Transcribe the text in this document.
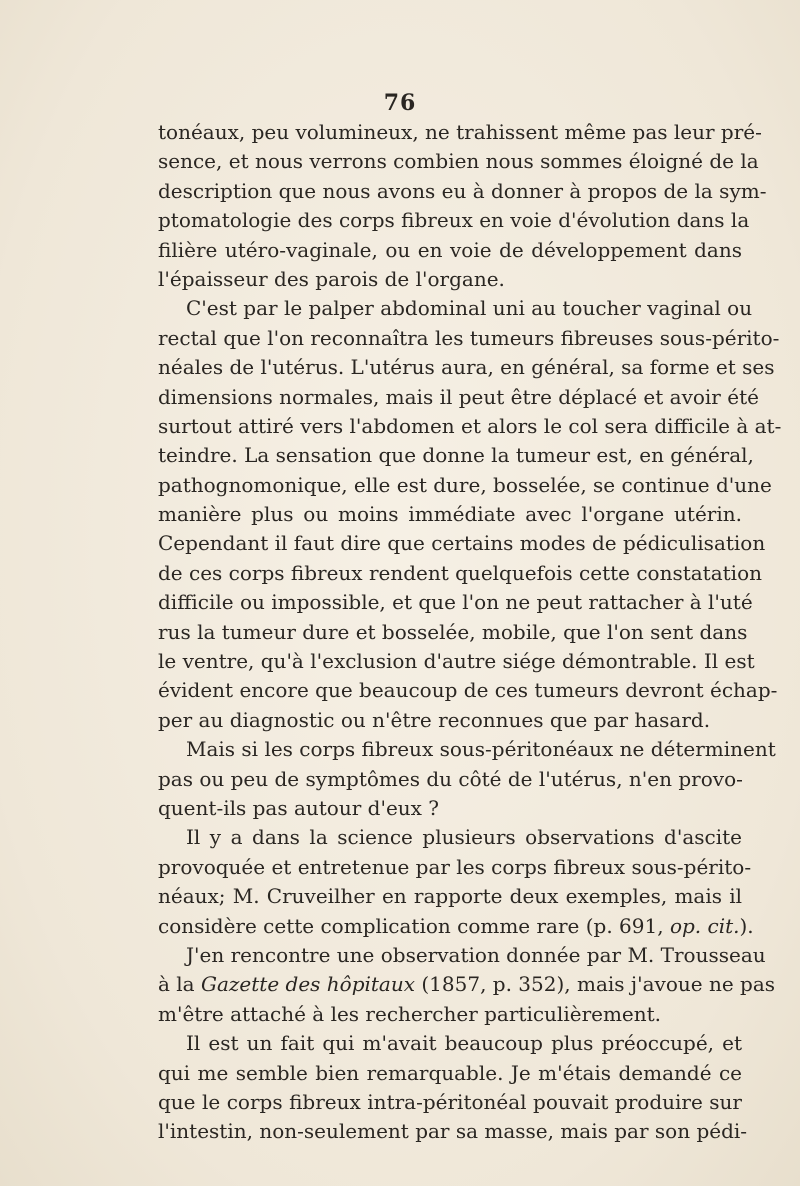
76
tonéaux, peu volumineux, ne trahissent même pas leur pré-
sence, et nous verrons combien nous sommes éloigné de la
description que nous avons eu à donner à propos de la sym-
ptomatologie des corps fibreux en voie d'évolution dans la
filière utéro-vaginale, ou en voie de développement dans
l'épaisseur des parois de l'organe.
C'est par le palper abdominal uni au toucher vaginal ou
rectal que l'on reconnaîtra les tumeurs fibreuses sous-périto-
néales de l'utérus. L'utérus aura, en général, sa forme et ses
dimensions normales, mais il peut être déplacé et avoir été
surtout attiré vers l'abdomen et alors le col sera difficile à at-
teindre. La sensation que donne la tumeur est, en général,
pathognomonique, elle est dure, bosselée, se continue d'une
manière plus ou moins immédiate avec l'organe utérin.
Cependant il faut dire que certains modes de pédiculisation
de ces corps fibreux rendent quelquefois cette constatation
difficile ou impossible, et que l'on ne peut rattacher à l'uté
rus la tumeur dure et bosselée, mobile, que l'on sent dans
le ventre, qu'à l'exclusion d'autre siége démontrable. Il est
évident encore que beaucoup de ces tumeurs devront échap-
per au diagnostic ou n'être reconnues que par hasard.
Mais si les corps fibreux sous-péritonéaux ne déterminent
pas ou peu de symptômes du côté de l'utérus, n'en provo-
quent-ils pas autour d'eux ?
Il y a dans la science plusieurs observations d'ascite
provoquée et entretenue par les corps fibreux sous-périto-
néaux; M. Cruveilher en rapporte deux exemples, mais il
considère cette complication comme rare (p. 691, op. cit.).
J'en rencontre une observation donnée par M. Trousseau
à la Gazette des hôpitaux (1857, p. 352), mais j'avoue ne pas
m'être attaché à les rechercher particulièrement.
Il est un fait qui m'avait beaucoup plus préoccupé, et
qui me semble bien remarquable. Je m'étais demandé ce
que le corps fibreux intra-péritonéal pouvait produire sur
l'intestin, non-seulement par sa masse, mais par son pédi-
